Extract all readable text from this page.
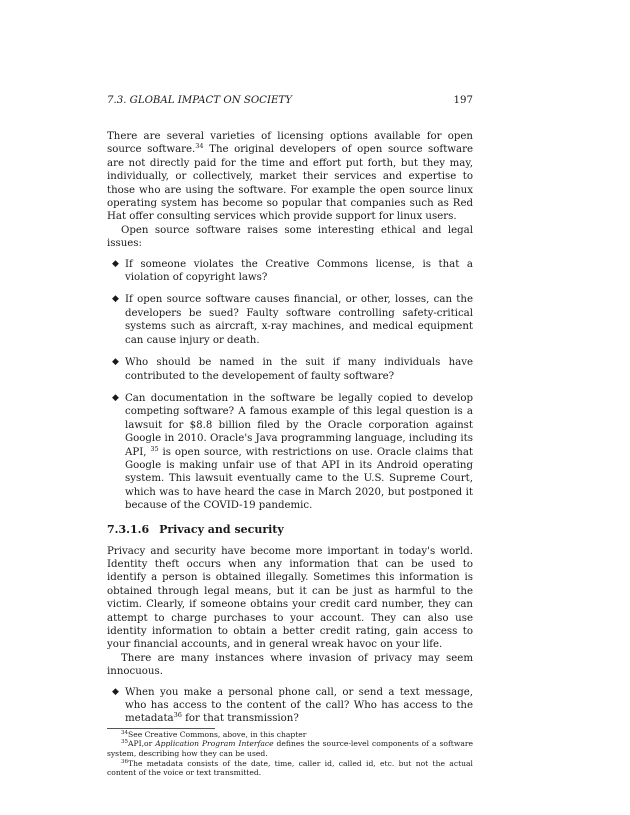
7.3. GLOBAL IMPACT ON SOCIETY	197

There are several varieties of licensing options available for open source software.$^{34}$ The original developers of open source software are not directly paid for the time and effort put forth, but they may, individually, or collectively, market their services and expertise to those who are using the software. For example the open source linux operating system has become so popular that companies such as Red Hat offer consulting services which provide support for linux users.

Open source software raises some interesting ethical and legal issues:

◆ If someone violates the Creative Commons license, is that a violation of copyright laws?
◆ If open source software causes financial, or other, losses, can the developers be sued? Faulty software controlling safety-critical systems such as aircraft, x-ray machines, and medical equipment can cause injury or death.
◆ Who should be named in the suit if many individuals have contributed to the developement of faulty software?
◆ Can documentation in the software be legally copied to develop competing software? A famous example of this legal question is a lawsuit for $8.8 billion filed by the Oracle corporation against Google in 2010. Oracle's Java programming language, including its API, $^{35}$ is open source, with restrictions on use. Oracle claims that Google is making unfair use of that API in its Android operating system. This lawsuit eventually came to the U.S. Supreme Court, which was to have heard the case in March 2020, but postponed it because of the COVID-19 pandemic.
7.3.1.6 Privacy and security

Privacy and security have become more important in today's world. Identity theft occurs when any information that can be used to identify a person is obtained illegally. Sometimes this information is obtained through legal means, but it can be just as harmful to the victim. Clearly, if someone obtains your credit card number, they can attempt to charge purchases to your account. They can also use identity information to obtain a better credit rating, gain access to your financial accounts, and in general wreak havoc on your life.

There are many instances where invasion of privacy may seem innocuous.

◆ When you make a personal phone call, or send a text message, who has access to the content of the call? Who has access to the metadata$^{36}$ for that transmission?
$^{34}$See Creative Commons, above, in this chapter
$^{35}$API,or Application Program Interface defines the source-level components of a software system, describing how they can be used.
$^{36}$The metadata consists of the date, time, caller id, called id, etc. but not the actual content of the voice or text transmitted.
